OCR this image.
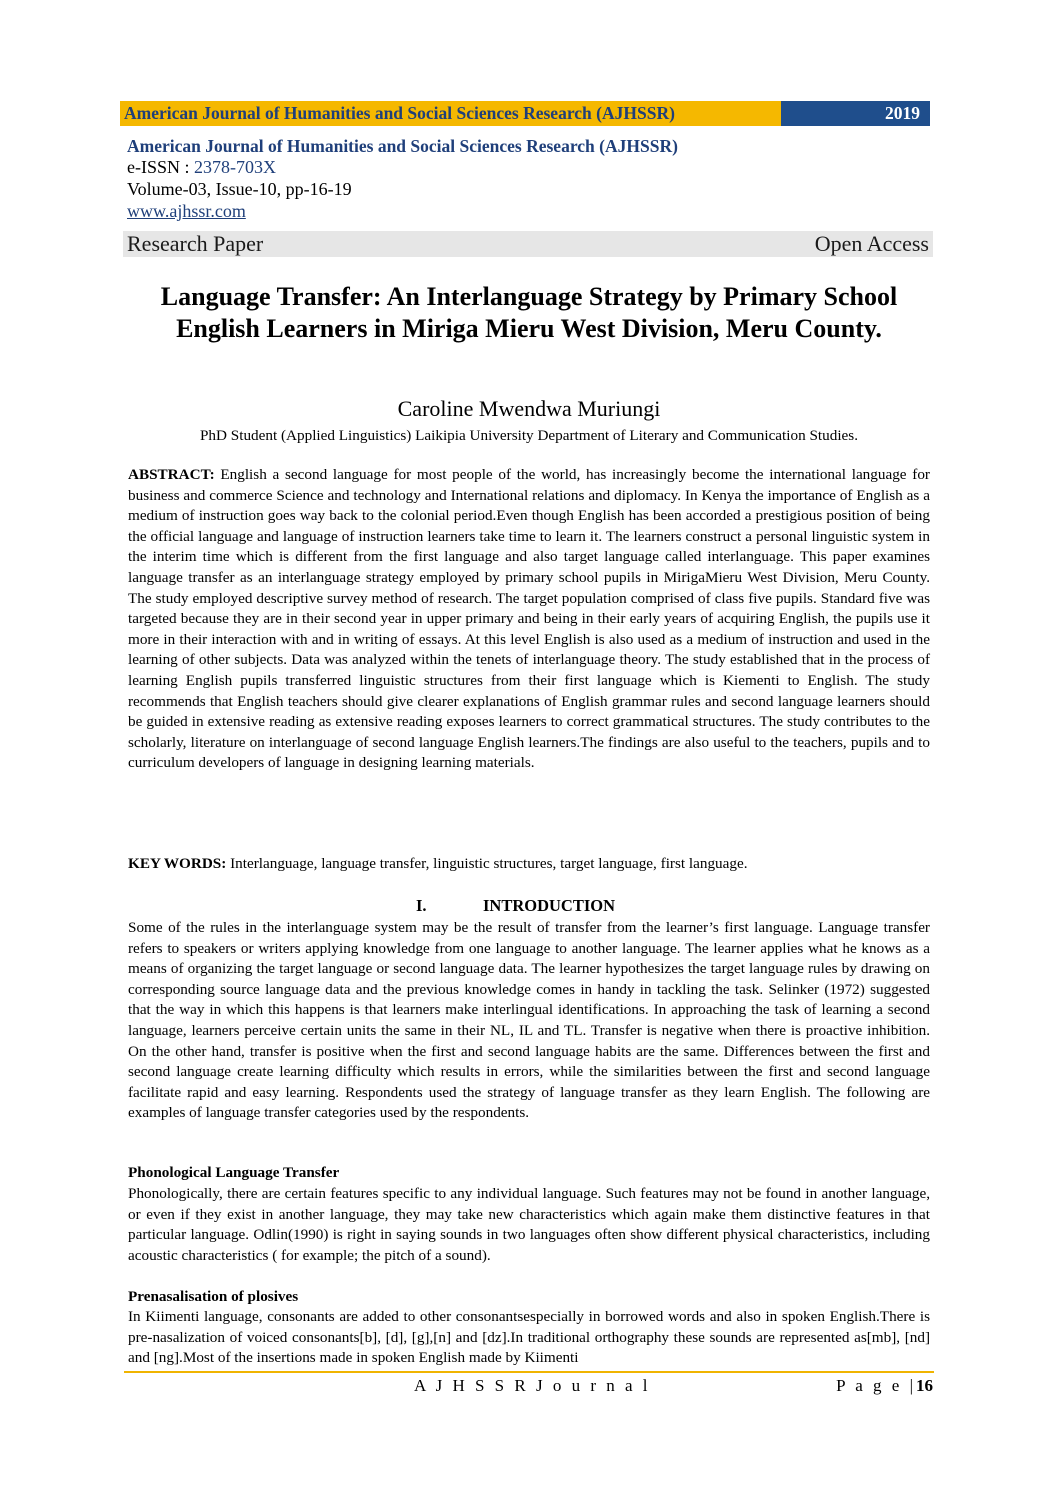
American Journal of Humanities and Social Sciences Research (AJHSSR)	2019
American Journal of Humanities and Social Sciences Research (AJHSSR)
e-ISSN : 2378-703X
Volume-03, Issue-10, pp-16-19
www.ajhssr.com
Research Paper	Open Access
Language Transfer: An Interlanguage Strategy by Primary School English Learners in Miriga Mieru West Division, Meru County.
Caroline Mwendwa Muriungi
PhD Student (Applied Linguistics) Laikipia University Department of Literary and Communication Studies.
ABSTRACT: English a second language for most people of the world, has increasingly become the international language for business and commerce Science and technology and International relations and diplomacy. In Kenya the importance of English as a medium of instruction goes way back to the colonial period.Even though English has been accorded a prestigious position of being the official language and language of instruction learners take time to learn it. The learners construct a personal linguistic system in the interim time which is different from the first language and also target language called interlanguage. This paper examines language transfer as an interlanguage strategy employed by primary school pupils in MirigaMieru West Division, Meru County. The study employed descriptive survey method of research. The target population comprised of class five pupils. Standard five was targeted because they are in their second year in upper primary and being in their early years of acquiring English, the pupils use it more in their interaction with and in writing of essays. At this level English is also used as a medium of instruction and used in the learning of other subjects. Data was analyzed within the tenets of interlanguage theory. The study established that in the process of learning English pupils transferred linguistic structures from their first language which is Kiementi to English. The study recommends that English teachers should give clearer explanations of English grammar rules and second language learners should be guided in extensive reading as extensive reading exposes learners to correct grammatical structures. The study contributes to the scholarly, literature on interlanguage of second language English learners.The findings are also useful to the teachers, pupils and to curriculum developers of language in designing learning materials.
KEY WORDS: Interlanguage, language transfer, linguistic structures, target language, first language.
I.	INTRODUCTION
Some of the rules in the interlanguage system may be the result of transfer from the learner’s first language. Language transfer refers to speakers or writers applying knowledge from one language to another language. The learner applies what he knows as a means of organizing the target language or second language data. The learner hypothesizes the target language rules by drawing on corresponding source language data and the previous knowledge comes in handy in tackling the task. Selinker (1972) suggested that the way in which this happens is that learners make interlingual identifications. In approaching the task of learning a second language, learners perceive certain units the same in their NL, IL and TL. Transfer is negative when there is proactive inhibition. On the other hand, transfer is positive when the first and second language habits are the same. Differences between the first and second language create learning difficulty which results in errors, while the similarities between the first and second language facilitate rapid and easy learning. Respondents used the strategy of language transfer as they learn English. The following are examples of language transfer categories used by the respondents.
Phonological Language Transfer
Phonologically, there are certain features specific to any individual language. Such features may not be found in another language, or even if they exist in another language, they may take new characteristics which again make them distinctive features in that particular language. Odlin(1990) is right in saying sounds in two languages often show different physical characteristics, including acoustic characteristics ( for example; the pitch of a sound).
Prenasalisation of plosives
In Kiimenti language, consonants are added to other consonantsespecially in borrowed words and also in spoken English.There is pre-nasalization of voiced consonants[b], [d], [g],[n] and [dz].In traditional orthography these sounds are represented as[mb], [nd] and [ng].Most of the insertions made in spoken English made by Kiimenti
A J H S S R J o u r n a l	P a g e |16
